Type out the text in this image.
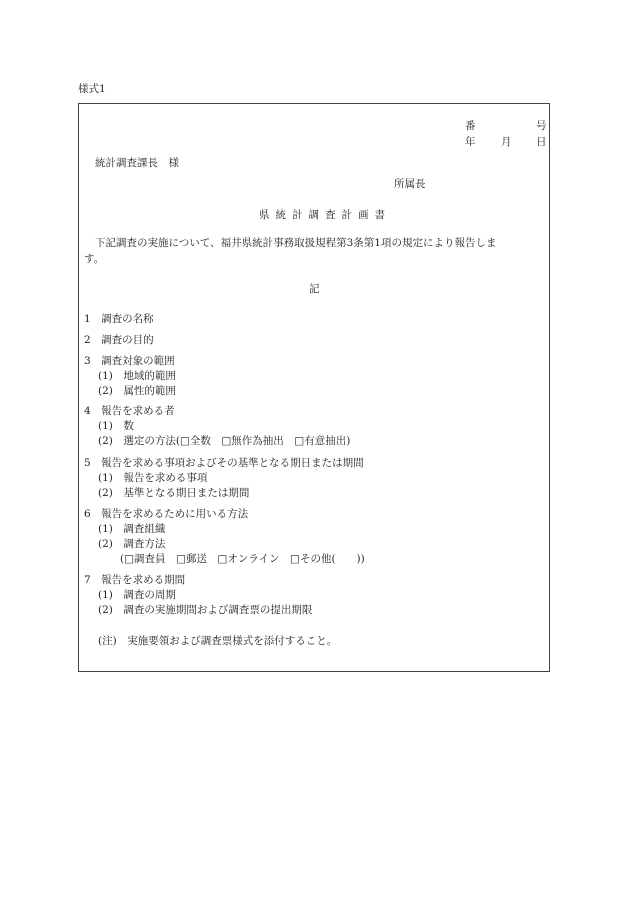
様式1
番	号
年 月 日
統計調査課長　様
所属長
県統計調査計画書
下記調査の実施について、福井県統計事務取扱規程第3条第1項の規定により報告しま
す。
記
1　調査の名称
2　調査の目的
3　調査対象の範囲
(1)　地域的範囲
(2)　属性的範囲
4　報告を求める者
(1)　数
(2)　選定の方法(□全数　□無作為抽出　□有意抽出)
5　報告を求める事項およびその基準となる期日または期間
(1)　報告を求める事項
(2)　基準となる期日または期間
6　報告を求めるために用いる方法
(1)　調査組織
(2)　調査方法
(□調査員　□郵送　□オンライン　□その他(　　))
7　報告を求める期間
(1)　調査の周期
(2)　調査の実施期間および調査票の提出期限
(注)　実施要領および調査票様式を添付すること。
